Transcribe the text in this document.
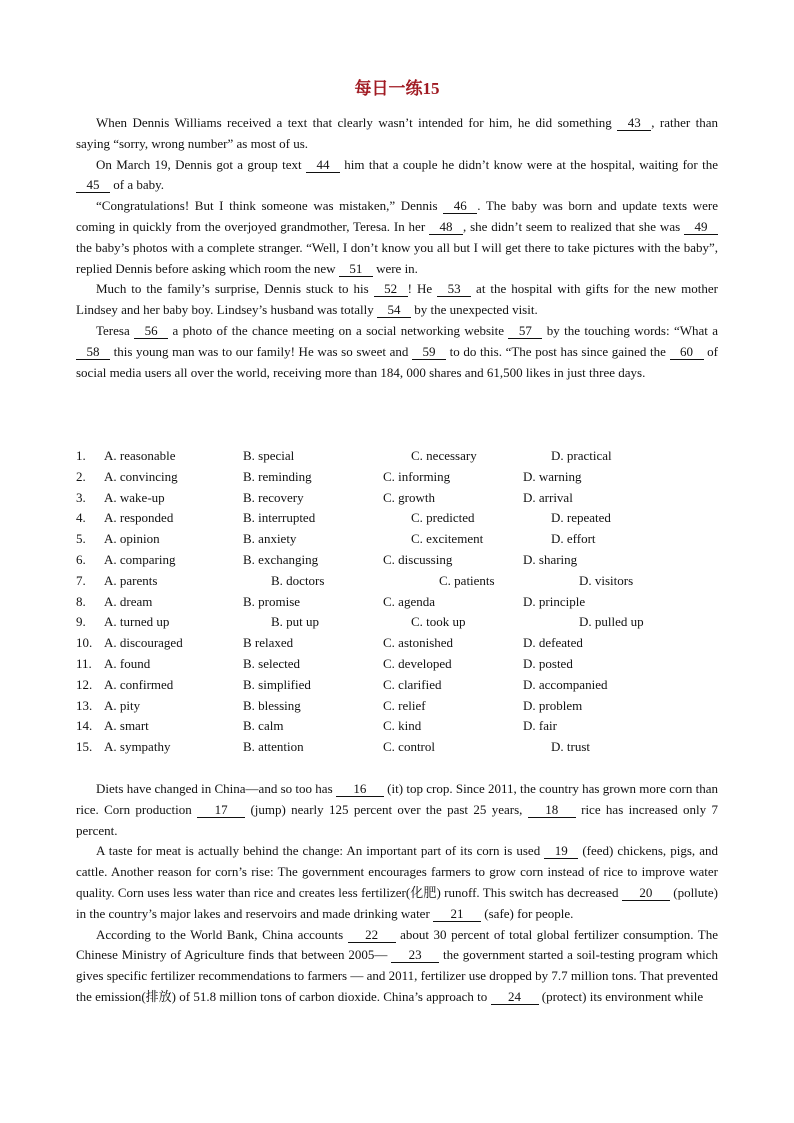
每日一练15

When Dennis Williams received a text that clearly wasn’t intended for him, he did something 43 , rather than saying “sorry, wrong number” as most of us.

On March 19, Dennis got a group text 44 him that a couple he didn’t know were at the hospital, waiting for the 45 of a baby.

“Congratulations! But I think someone was mistaken,” Dennis 46 . The baby was born and update texts were coming in quickly from the overjoyed grandmother, Teresa. In her 48 , she didn’t seem to realized that she was 49 the baby’s photos with a complete stranger. “Well, I don’t know you all but I will get there to take pictures with the baby”, replied Dennis before asking which room the new 51 were in.

Much to the family’s surprise, Dennis stuck to his 52 ! He 53 at the hospital with gifts for the new mother Lindsey and her baby boy. Lindsey’s husband was totally 54 by the unexpected visit.

Teresa 56 a photo of the chance meeting on a social networking website 57 by the touching words: “What a 58 this young man was to our family! He was so sweet and 59 to do this. “The post has since gained the 60 of social media users all over the world, receiving more than 184, 000 shares and 61,500 likes in just three days.

1. A. reasonable	B. special	C. necessary	D. practical
2. A. convincing	B. reminding	C. informing	D. warning
3. A. wake-up	B. recovery	C. growth	D. arrival
4. A. responded	B. interrupted	C. predicted	D. repeated
5. A. opinion	B. anxiety	C. excitement	D. effort
6. A. comparing	B. exchanging	C. discussing	D. sharing
7. A. parents	B. doctors	C. patients	D. visitors
8. A. dream	B. promise	C. agenda	D. principle
9. A. turned up	B. put up	C. took up	D. pulled up
10. A. discouraged	B relaxed	C. astonished	D. defeated
11. A. found	B. selected	C. developed	D. posted
12. A. confirmed	B. simplified	C. clarified	D. accompanied
13. A. pity	B. blessing	C. relief	D. problem
14. A. smart	B. calm	C. kind	D. fair
15. A. sympathy	B. attention	C. control	D. trust

Diets have changed in China—and so too has 16 (it) top crop. Since 2011, the country has grown more corn than rice. Corn production 17 (jump) nearly 125 percent over the past 25 years, 18 rice has increased only 7 percent.

A taste for meat is actually behind the change: An important part of its corn is used 19 (feed) chickens, pigs, and cattle. Another reason for corn’s rise: The government encourages farmers to grow corn instead of rice to improve water quality. Corn uses less water than rice and creates less fertilizer(化肥) runoff. This switch has decreased 20 (pollute) in the country’s major lakes and reservoirs and made drinking water 21 (safe) for people.

According to the World Bank, China accounts 22 about 30 percent of total global fertilizer consumption. The Chinese Ministry of Agriculture finds that between 2005— 23 the government started a soil-testing program which gives specific fertilizer recommendations to farmers — and 2011, fertilizer use dropped by 7.7 million tons. That prevented the emission(排放) of 51.8 million tons of carbon dioxide. China’s approach to 24 (protect) its environment while
